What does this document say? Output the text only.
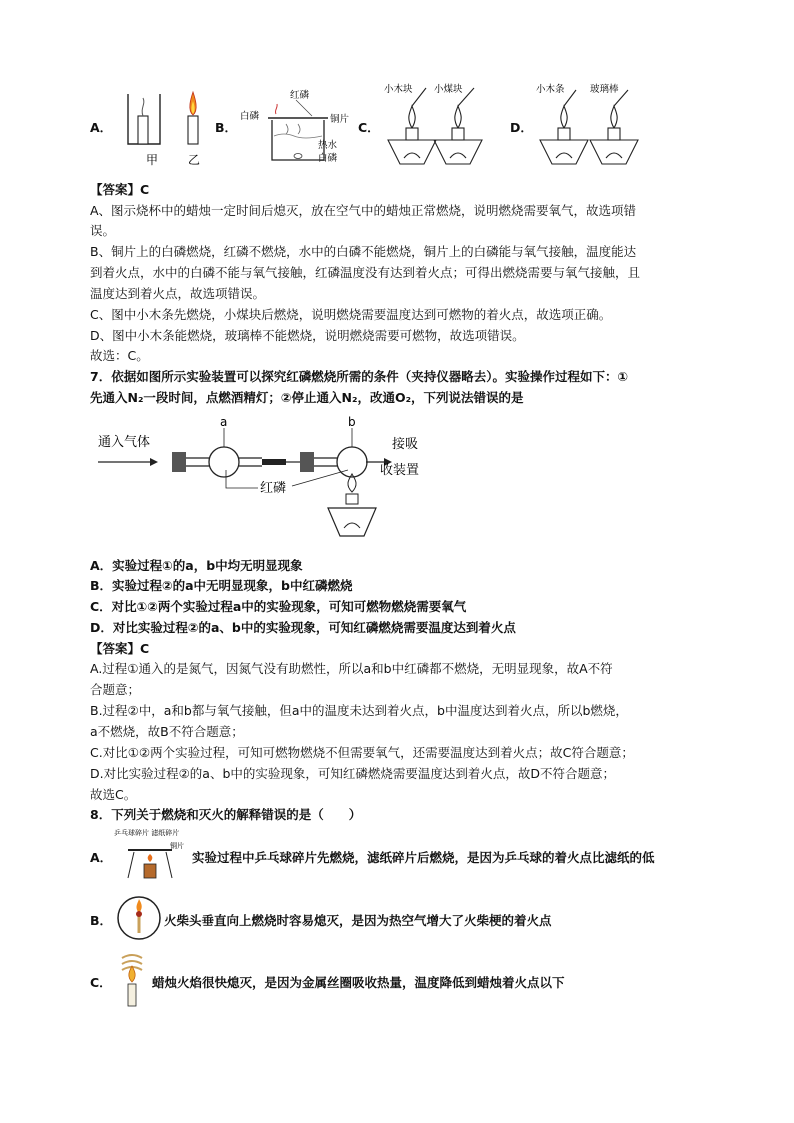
A．
甲 乙
B．
红磷
白磷	铜片
热水
白磷
C．
小木块 小煤块
D．
小木条	玻璃棒
【答案】C
A、图示烧杯中的蜡烛一定时间后熄灭，放在空气中的蜡烛正常燃烧，说明燃烧需要氧气，故选项错
误。
B、铜片上的白磷燃烧，红磷不燃烧，水中的白磷不能燃烧，铜片上的白磷能与氧气接触，温度能达
到着火点，水中的白磷不能与氧气接触，红磷温度没有达到着火点；可得出燃烧需要与氧气接触，且
温度达到着火点，故选项错误。
C、图中小木条先燃烧，小煤块后燃烧，说明燃烧需要温度达到可燃物的着火点，故选项正确。
D、图中小木条能燃烧，玻璃棒不能燃烧，说明燃烧需要可燃物，故选项错误。
故选：C。
7．依据如图所示实验装置可以探究红磷燃烧所需的条件（夹持仪器略去）。实验操作过程如下：①
先通入N₂一段时间，点燃酒精灯；②停止通入N₂，改通O₂，下列说法错误的是
通入气体
a	b
接吸
收装置
红磷
A．实验过程①的a，b中均无明显现象
B．实验过程②的a中无明显现象，b中红磷燃烧
C．对比①②两个实验过程a中的实验现象，可知可燃物燃烧需要氧气
D．对比实验过程②的a、b中的实验现象，可知红磷燃烧需要温度达到着火点
【答案】C
A.过程①通入的是氮气，因氮气没有助燃性，所以a和b中红磷都不燃烧，无明显现象，故A不符
合题意；
B.过程②中，a和b都与氧气接触，但a中的温度未达到着火点，b中温度达到着火点，所以b燃烧，
a不燃烧，故B不符合题意；
C.对比①②两个实验过程，可知可燃物燃烧不但需要氧气，还需要温度达到着火点；故C符合题意；
D.对比实验过程②的a、b中的实验现象，可知红磷燃烧需要温度达到着火点，故D不符合题意；
故选C。
8．下列关于燃烧和灭火的解释错误的是（　　）
乒乓球碎片 滤纸碎片
铜片
A．	实验过程中乒乓球碎片先燃烧，滤纸碎片后燃烧，是因为乒乓球的着火点比滤纸的低
B．	火柴头垂直向上燃烧时容易熄灭，是因为热空气增大了火柴梗的着火点
C．	蜡烛火焰很快熄灭，是因为金属丝圈吸收热量，温度降低到蜡烛着火点以下
